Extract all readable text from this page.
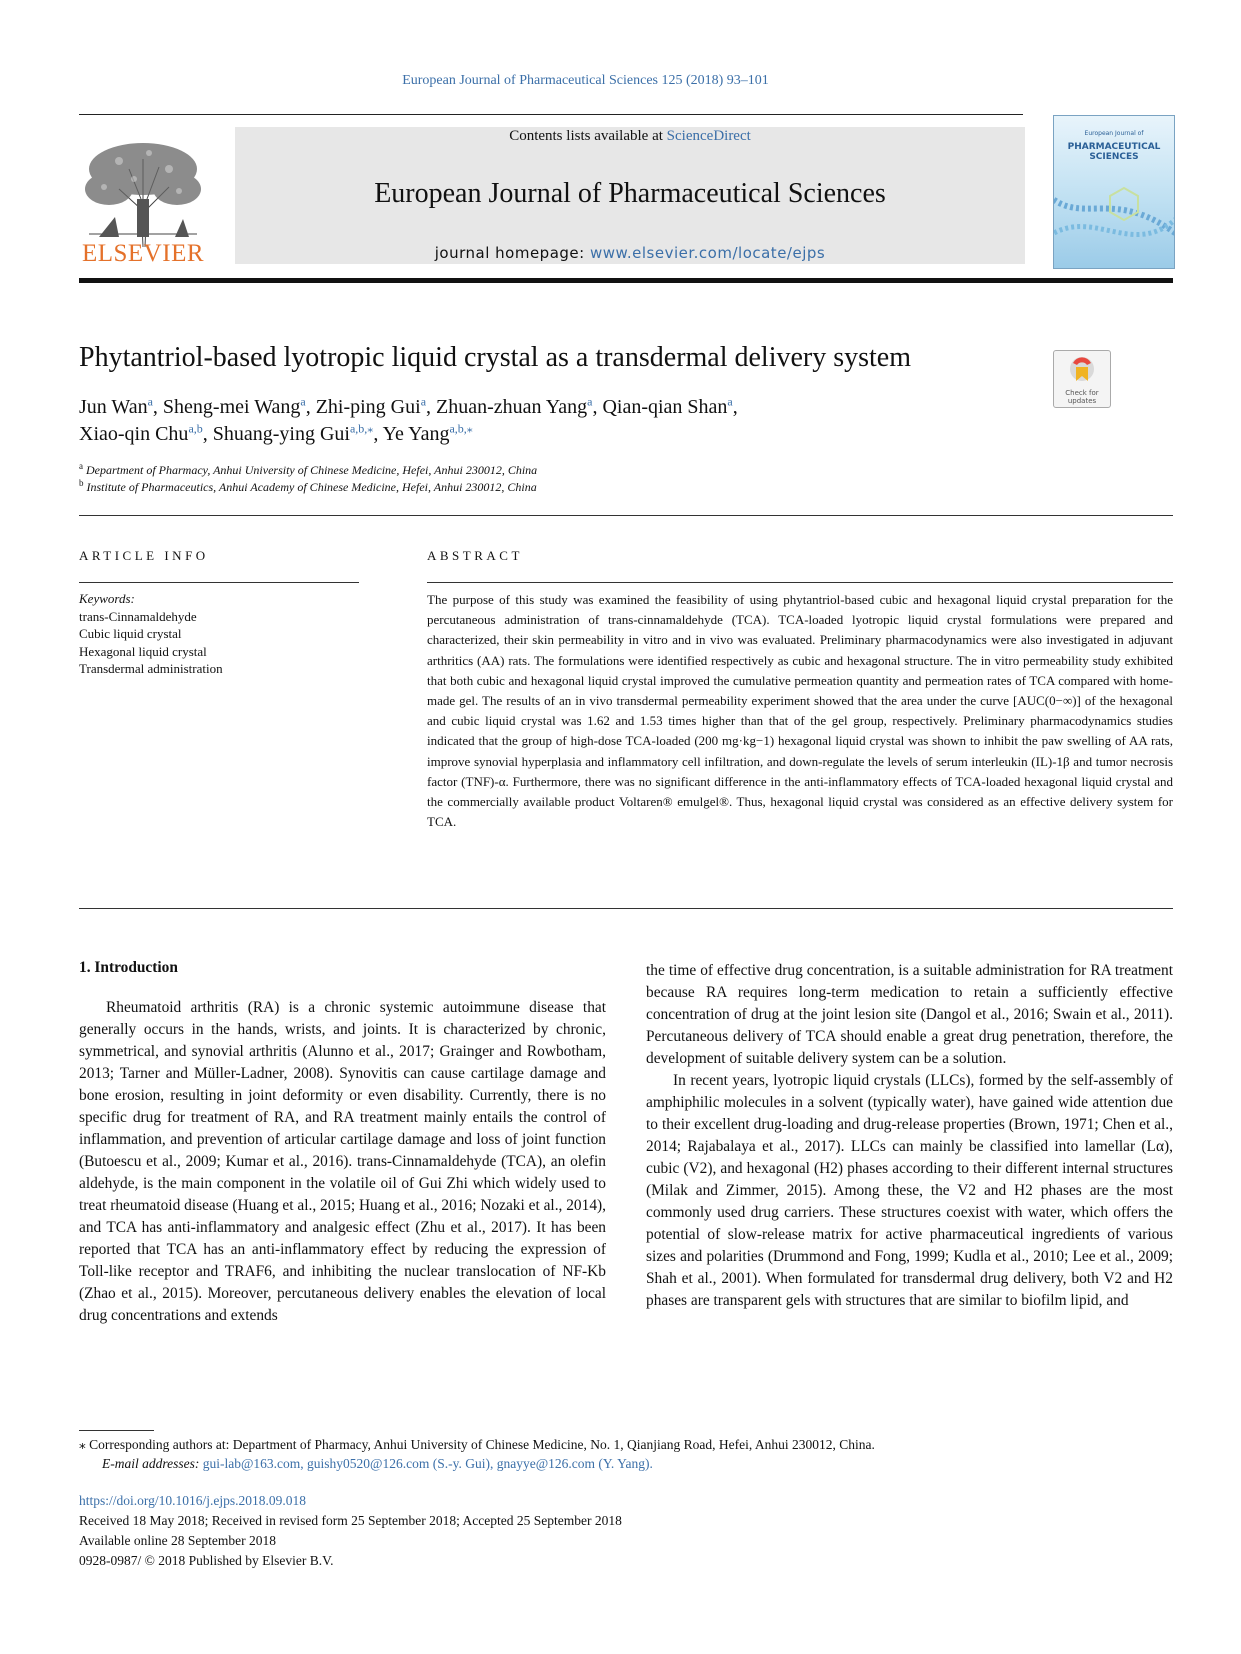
European Journal of Pharmaceutical Sciences 125 (2018) 93–101
ELSEVIER
Contents lists available at ScienceDirect
European Journal of Pharmaceutical Sciences
journal homepage: www.elsevier.com/locate/ejps
European Journal of
PHARMACEUTICAL SCIENCES
Phytantriol-based lyotropic liquid crystal as a transdermal delivery system
Check for updates
Jun Wan$^a$, Sheng-mei Wang$^a$, Zhi-ping Gui$^a$, Zhuan-zhuan Yang$^a$, Qian-qian Shan$^a$,
Xiao-qin Chu$^{a,b}$, Shuang-ying Gui$^{a,b,⁎}$, Ye Yang$^{a,b,⁎}$
$^a$ Department of Pharmacy, Anhui University of Chinese Medicine, Hefei, Anhui 230012, China
$^b$ Institute of Pharmaceutics, Anhui Academy of Chinese Medicine, Hefei, Anhui 230012, China
ARTICLE INFO	ABSTRACT
Keywords:
trans-Cinnamaldehyde
Cubic liquid crystal
Hexagonal liquid crystal
Transdermal administration
The purpose of this study was examined the feasibility of using phytantriol-based cubic and hexagonal liquid crystal preparation for the percutaneous administration of trans-cinnamaldehyde (TCA). TCA-loaded lyotropic liquid crystal formulations were prepared and characterized, their skin permeability in vitro and in vivo was evaluated. Preliminary pharmacodynamics were also investigated in adjuvant arthritics (AA) rats. The formulations were identified respectively as cubic and hexagonal structure. The in vitro permeability study exhibited that both cubic and hexagonal liquid crystal improved the cumulative permeation quantity and permeation rates of TCA compared with home-made gel. The results of an in vivo transdermal permeability experiment showed that the area under the curve [AUC(0−∞)] of the hexagonal and cubic liquid crystal was 1.62 and 1.53 times higher than that of the gel group, respectively. Preliminary pharmacodynamics studies indicated that the group of high-dose TCA-loaded (200 mg·kg−1) hexagonal liquid crystal was shown to inhibit the paw swelling of AA rats, improve synovial hyperplasia and inflammatory cell infiltration, and down-regulate the levels of serum interleukin (IL)-1β and tumor necrosis factor (TNF)-α. Furthermore, there was no significant difference in the anti-inflammatory effects of TCA-loaded hexagonal liquid crystal and the commercially available product Voltaren® emulgel®. Thus, hexagonal liquid crystal was considered as an effective delivery system for TCA.
1. Introduction

Rheumatoid arthritis (RA) is a chronic systemic autoimmune disease that generally occurs in the hands, wrists, and joints. It is characterized by chronic, symmetrical, and synovial arthritis (Alunno et al., 2017; Grainger and Rowbotham, 2013; Tarner and Müller-Ladner, 2008). Synovitis can cause cartilage damage and bone erosion, resulting in joint deformity or even disability. Currently, there is no specific drug for treatment of RA, and RA treatment mainly entails the control of inflammation, and prevention of articular cartilage damage and loss of joint function (Butoescu et al., 2009; Kumar et al., 2016). trans-Cinnamaldehyde (TCA), an olefin aldehyde, is the main component in the volatile oil of Gui Zhi which widely used to treat rheumatoid disease (Huang et al., 2015; Huang et al., 2016; Nozaki et al., 2014), and TCA has anti-inflammatory and analgesic effect (Zhu et al., 2017). It has been reported that TCA has an anti-inflammatory effect by reducing the expression of Toll-like receptor and TRAF6, and inhibiting the nuclear translocation of NF-Kb (Zhao et al., 2015). Moreover, percutaneous delivery enables the elevation of local drug concentrations and extends

the time of effective drug concentration, is a suitable administration for RA treatment because RA requires long-term medication to retain a sufficiently effective concentration of drug at the joint lesion site (Dangol et al., 2016; Swain et al., 2011). Percutaneous delivery of TCA should enable a great drug penetration, therefore, the development of suitable delivery system can be a solution.

In recent years, lyotropic liquid crystals (LLCs), formed by the self-assembly of amphiphilic molecules in a solvent (typically water), have gained wide attention due to their excellent drug-loading and drug-release properties (Brown, 1971; Chen et al., 2014; Rajabalaya et al., 2017). LLCs can mainly be classified into lamellar (Lα), cubic (V2), and hexagonal (H2) phases according to their different internal structures (Milak and Zimmer, 2015). Among these, the V2 and H2 phases are the most commonly used drug carriers. These structures coexist with water, which offers the potential of slow-release matrix for active pharmaceutical ingredients of various sizes and polarities (Drummond and Fong, 1999; Kudla et al., 2010; Lee et al., 2009; Shah et al., 2001). When formulated for transdermal drug delivery, both V2 and H2 phases are transparent gels with structures that are similar to biofilm lipid, and

⁎ Corresponding authors at: Department of Pharmacy, Anhui University of Chinese Medicine, No. 1, Qianjiang Road, Hefei, Anhui 230012, China.
E-mail addresses: gui-lab@163.com, guishy0520@126.com (S.-y. Gui), gnayye@126.com (Y. Yang).
https://doi.org/10.1016/j.ejps.2018.09.018
Received 18 May 2018; Received in revised form 25 September 2018; Accepted 25 September 2018
Available online 28 September 2018
0928-0987/ © 2018 Published by Elsevier B.V.
